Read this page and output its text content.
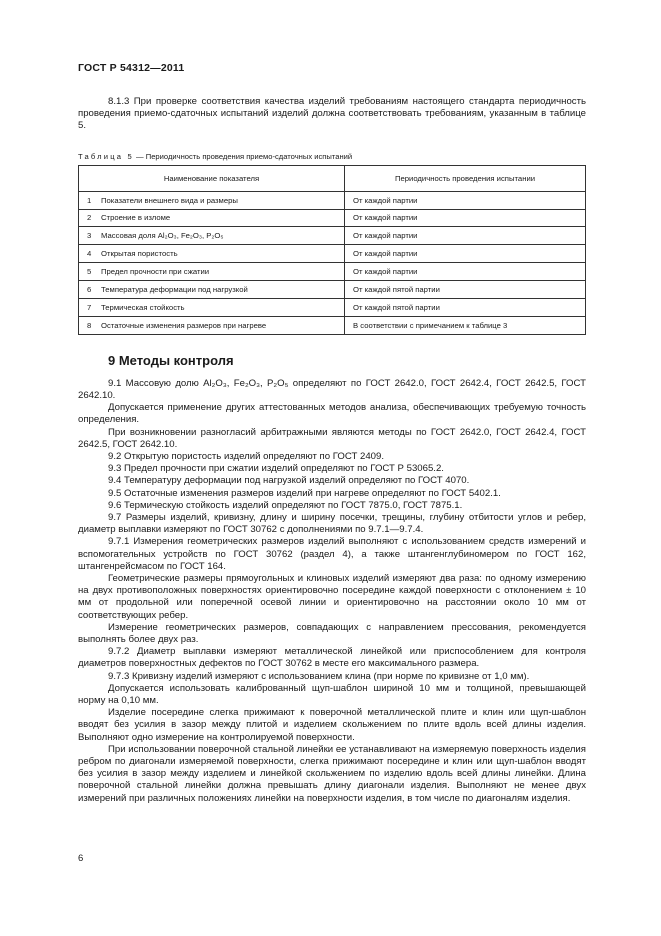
ГОСТ Р 54312—2011

8.1.3 При проверке соответствия качества изделий требованиям настоящего стандарта периодичность проведения приемо-сдаточных испытаний изделий должна соответствовать требованиям, указанным в таблице 5.

Таблица 5 — Периодичность проведения приемо-сдаточных испытаний
Наименование показателя	Периодичность проведения испытании
1 Показатели внешнего вида и размеры	От каждой партии
2 Строение в изломе	От каждой партии
3 Массовая доля Al₂O₃, Fe₂O₃, P₂O₅	От каждой партии
4 Открытая пористость	От каждой партии
5 Предел прочности при сжатии	От каждой партии
6 Температура деформации под нагрузкой	От каждой пятой партии
7 Термическая стойкость	От каждой пятой партии
8 Остаточные изменения размеров при нагреве	В соответствии с примечанием к таблице 3
9 Методы контроля

9.1 Массовую долю Al₂O₃, Fe₂O₃, P₂O₅ определяют по ГОСТ 2642.0, ГОСТ 2642.4, ГОСТ 2642.5, ГОСТ 2642.10.

Допускается применение других аттестованных методов анализа, обеспечивающих требуемую точность определения.

При возникновении разногласий арбитражными являются методы по ГОСТ 2642.0, ГОСТ 2642.4, ГОСТ 2642.5, ГОСТ 2642.10.

9.2 Открытую пористость изделий определяют по ГОСТ 2409.

9.3 Предел прочности при сжатии изделий определяют по ГОСТ Р 53065.2.

9.4 Температуру деформации под нагрузкой изделий определяют по ГОСТ 4070.

9.5 Остаточные изменения размеров изделий при нагреве определяют по ГОСТ 5402.1.

9.6 Термическую стойкость изделий определяют по ГОСТ 7875.0, ГОСТ 7875.1.

9.7 Размеры изделий, кривизну, длину и ширину посечки, трещины, глубину отбитости углов и ребер, диаметр выплавки измеряют по ГОСТ 30762 с дополнениями по 9.7.1—9.7.4.

9.7.1 Измерения геометрических размеров изделий выполняют с использованием средств измерений и вспомогательных устройств по ГОСТ 30762 (раздел 4), а также штангенглубиномером по ГОСТ 162, штангенрейсмасом по ГОСТ 164.

Геометрические размеры прямоугольных и клиновых изделий измеряют два раза: по одному измерению на двух противоположных поверхностях ориентировочно посередине каждой поверхности с отклонением ± 10 мм от продольной или поперечной осевой линии и ориентировочно на расстоянии около 10 мм от соответствующих ребер.

Измерение геометрических размеров, совпадающих с направлением прессования, рекомендуется выполнять более двух раз.

9.7.2 Диаметр выплавки измеряют металлической линейкой или приспособлением для контроля диаметров поверхностных дефектов по ГОСТ 30762 в месте его максимального размера.

9.7.3 Кривизну изделий измеряют с использованием клина (при норме по кривизне от 1,0 мм).

Допускается использовать калиброванный щуп-шаблон шириной 10 мм и толщиной, превышающей норму на 0,10 мм.

Изделие посередине слегка прижимают к поверочной металлической плите и клин или щуп-шаблон вводят без усилия в зазор между плитой и изделием скольжением по плите вдоль всей длины изделия. Выполняют одно измерение на контролируемой поверхности.

При использовании поверочной стальной линейки ее устанавливают на измеряемую поверхность изделия ребром по диагонали измеряемой поверхности, слегка прижимают посередине и клин или щуп-шаблон вводят без усилия в зазор между изделием и линейкой скольжением по изделию вдоль всей длины линейки. Длина поверочной стальной линейки должна превышать длину диагонали изделия. Выполняют не менее двух измерений при различных положениях линейки на поверхности изделия, в том числе по диагоналям изделия.

6
